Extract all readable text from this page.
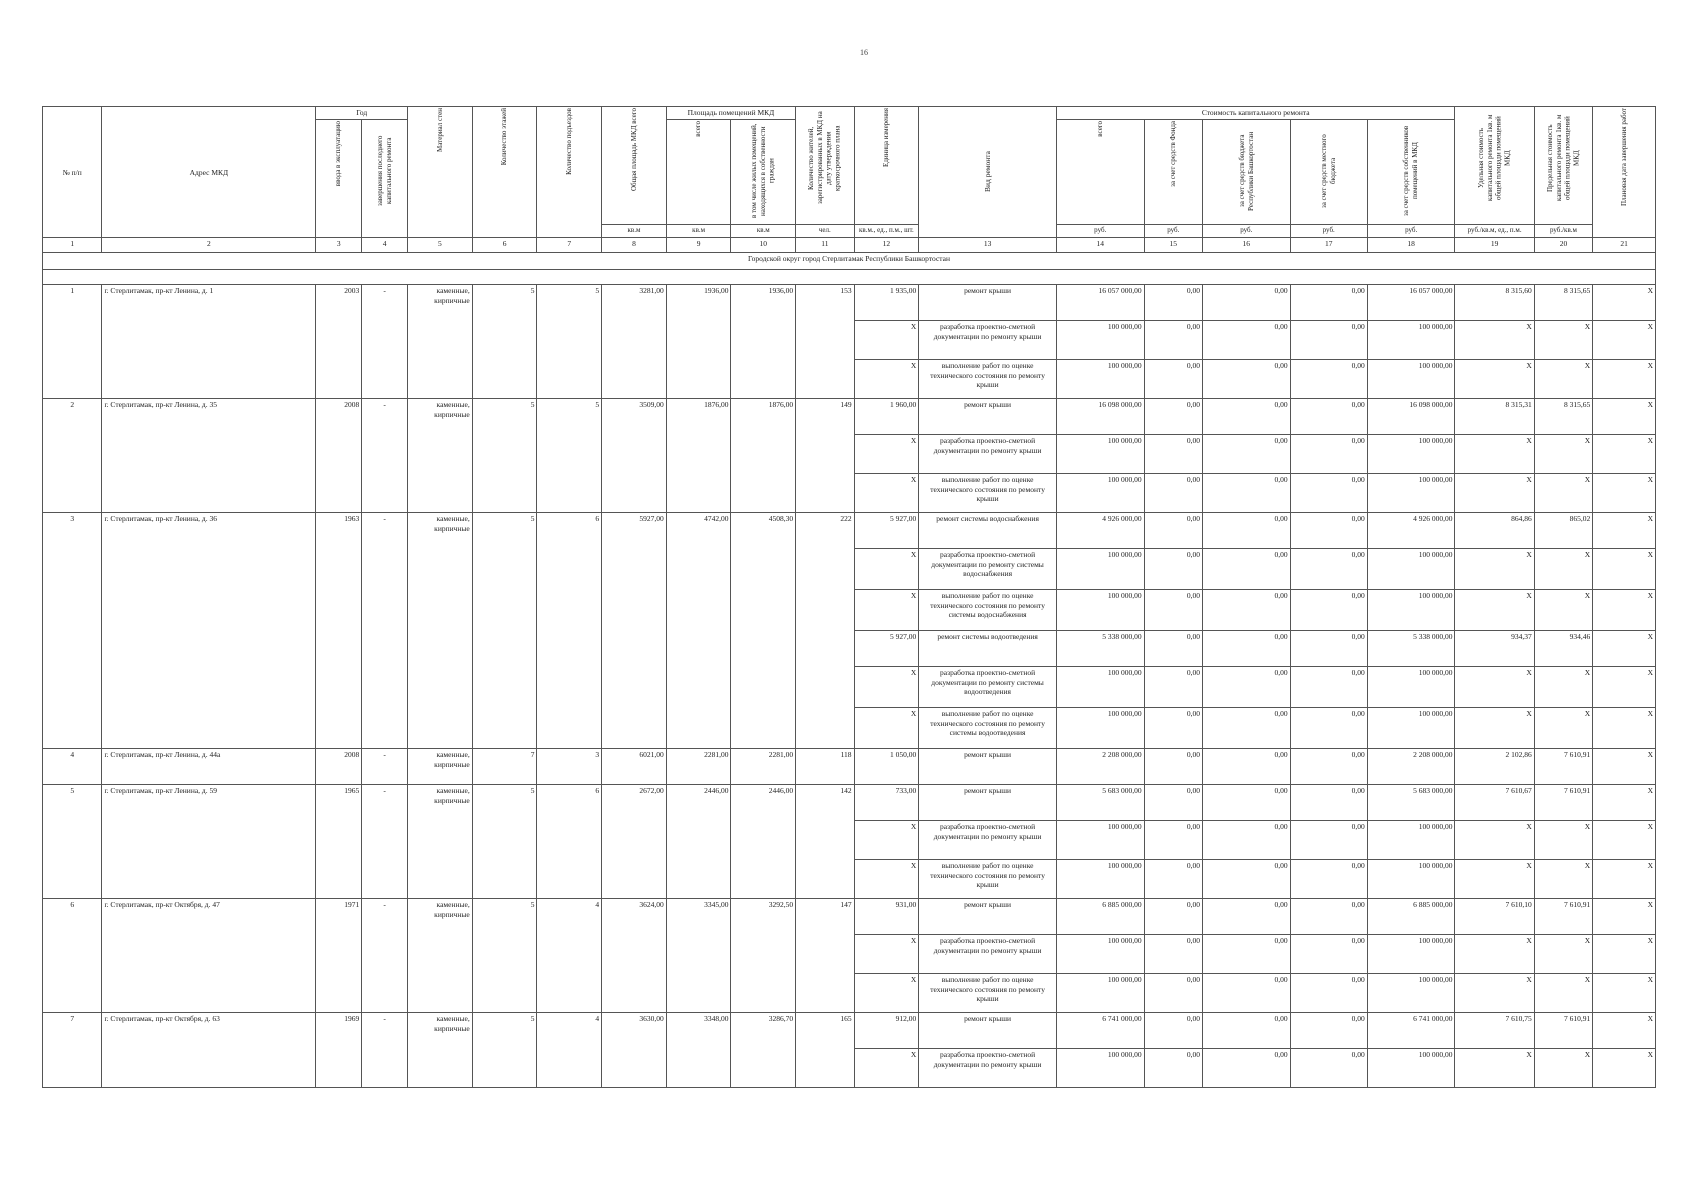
16
№ п/п	Адрес МКД	Год		Материал стен	Количество этажей	Количество подъездов	Общая площадь МКД всего	Площадь помещений МКД		Количество жителей, зарегистрированных в МКД на дату утверждения краткосрочного плана	Единица измерения	Вид ремонта	Стоимость капитального ремонта					Удельная стоимость капитального ремонта 1кв. м общей площади помещений МКД	Предельная стоимость капитального ремонта 1кв. м общей площади помещений МКД	Плановая дата завершения работ
		ввода в эксплуатацию	завершения последнего капитального ремонта					всего	в том числе жилых помещений, находящихся в собственности граждан				всего	за счет средств Фонда	за счет средств бюджета Республики Башкортостан	за счет средств местного бюджета	за счет средств собственников помещений в МКД			
							кв.м	кв.м	кв.м	чел.	кв.м., ед., п.м., шт.		руб.	руб.	руб.	руб.	руб.	руб./кв.м, ед., п.м.	руб./кв.м	
1	2	3	4	5	6	7	8	9	10	11	12	13	14	15	16	17	18	19	20	21
Городской округ город Стерлитамак Республики Башкортостан																				

1	г. Стерлитамак, пр-кт Ленина, д. 1	2003	-	каменные, кирпичные	5	5	3281,00	1936,00	1936,00	153	1 935,00	ремонт крыши	16 057 000,00	0,00	0,00	0,00	16 057 000,00	8 315,60	8 315,65	X
											X	разработка проектно-сметной документации по ремонту крыши	100 000,00	0,00	0,00	0,00	100 000,00	X	X	X
											X	выполнение работ по оценке технического состояния по ремонту крыши	100 000,00	0,00	0,00	0,00	100 000,00	X	X	X
2	г. Стерлитамак, пр-кт Ленина, д. 35	2008	-	каменные, кирпичные	5	5	3509,00	1876,00	1876,00	149	1 960,00	ремонт крыши	16 098 000,00	0,00	0,00	0,00	16 098 000,00	8 315,31	8 315,65	X
											X	разработка проектно-сметной документации по ремонту крыши	100 000,00	0,00	0,00	0,00	100 000,00	X	X	X
											X	выполнение работ по оценке технического состояния по ремонту крыши	100 000,00	0,00	0,00	0,00	100 000,00	X	X	X
3	г. Стерлитамак, пр-кт Ленина, д. 36	1963	-	каменные, кирпичные	5	6	5927,00	4742,00	4508,30	222	5 927,00	ремонт системы водоснабжения	4 926 000,00	0,00	0,00	0,00	4 926 000,00	864,86	865,02	X
											X	разработка проектно-сметной документации по ремонту системы водоснабжения	100 000,00	0,00	0,00	0,00	100 000,00	X	X	X
											X	выполнение работ по оценке технического состояния по ремонту системы водоснабжения	100 000,00	0,00	0,00	0,00	100 000,00	X	X	X
											5 927,00	ремонт системы водоотведения	5 338 000,00	0,00	0,00	0,00	5 338 000,00	934,37	934,46	X
											X	разработка проектно-сметной документации по ремонту системы водоотведения	100 000,00	0,00	0,00	0,00	100 000,00	X	X	X
											X	выполнение работ по оценке технического состояния по ремонту системы водоотведения	100 000,00	0,00	0,00	0,00	100 000,00	X	X	X
4	г. Стерлитамак, пр-кт Ленина, д. 44а	2008	-	каменные, кирпичные	7	3	6021,00	2281,00	2281,00	118	1 050,00	ремонт крыши	2 208 000,00	0,00	0,00	0,00	2 208 000,00	2 102,86	7 610,91	X
5	г. Стерлитамак, пр-кт Ленина, д. 59	1965	-	каменные, кирпичные	5	6	2672,00	2446,00	2446,00	142	733,00	ремонт крыши	5 683 000,00	0,00	0,00	0,00	5 683 000,00	7 610,67	7 610,91	X
											X	разработка проектно-сметной документации по ремонту крыши	100 000,00	0,00	0,00	0,00	100 000,00	X	X	X
											X	выполнение работ по оценке технического состояния по ремонту крыши	100 000,00	0,00	0,00	0,00	100 000,00	X	X	X
6	г. Стерлитамак, пр-кт Октября, д. 47	1971	-	каменные, кирпичные	5	4	3624,00	3345,00	3292,50	147	931,00	ремонт крыши	6 885 000,00	0,00	0,00	0,00	6 885 000,00	7 610,10	7 610,91	X
											X	разработка проектно-сметной документации по ремонту крыши	100 000,00	0,00	0,00	0,00	100 000,00	X	X	X
											X	выполнение работ по оценке технического состояния по ремонту крыши	100 000,00	0,00	0,00	0,00	100 000,00	X	X	X
7	г. Стерлитамак, пр-кт Октября, д. 63	1969	-	каменные, кирпичные	5	4	3630,00	3348,00	3286,70	165	912,00	ремонт крыши	6 741 000,00	0,00	0,00	0,00	6 741 000,00	7 610,75	7 610,91	X
											X	разработка проектно-сметной документации по ремонту крыши	100 000,00	0,00	0,00	0,00	100 000,00	X	X	X
